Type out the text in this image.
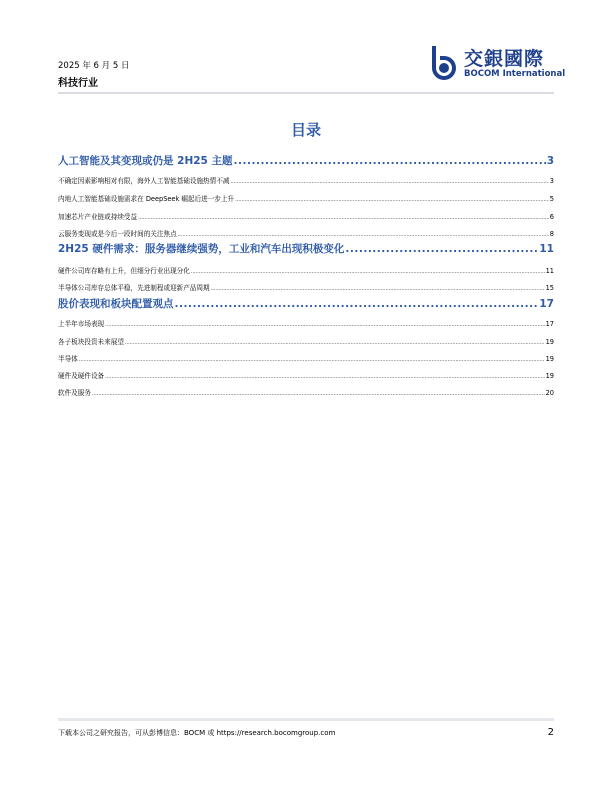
2025 年 6 月 5 日
科技行业
交銀國際
BOCOM International
目录
人工智能及其变现或仍是 2H25 主题 .....	3
不确定因素影响相对有限，海外人工智能基础设施热情不减 .....	3
内地人工智能基础设施需求在 DeepSeek 崛起后进一步上升 .....	5
加速芯片产业链或持续受益 .....	6
云服务变现或是今后一段时间的关注焦点 .....	8
2H25 硬件需求：服务器继续强势，工业和汽车出现积极变化 .....	11
硬件公司库存略有上升，但细分行业出现分化 .....	11
半导体公司库存总体平稳，先进制程或迎新产品周期 .....	15
股价表现和板块配置观点 .....	17
上半年市场表现 .....	17
各子板块投资未来展望 .....	19
半导体 .....	19
硬件及硬件设备 .....	19
软件及服务 .....	20
下载本公司之研究报告，可从彭博信息：BOCM 或 https://research.bocomgroup.com	2
